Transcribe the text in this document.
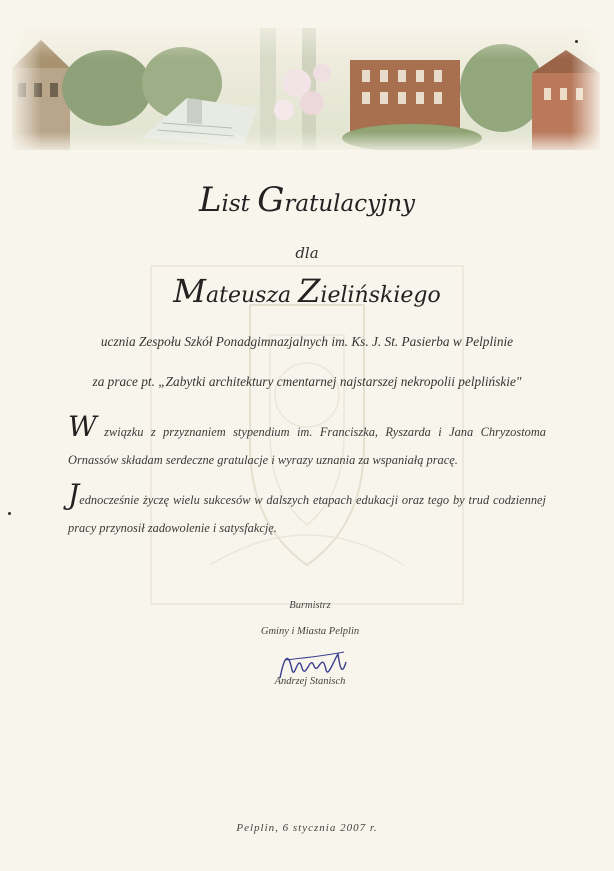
List Gratulacyjny
dla
Mateusza Zielińskiego
ucznia Zespołu Szkół Ponadgimnazjalnych im. Ks. J. St. Pasierba w Pelplinie
za prace pt. „Zabytki architektury cmentarnej najstarszej nekropolii pelplińskie"
W związku z przyznaniem stypendium im. Franciszka, Ryszarda i Jana Chryzostoma Ornassów składam serdeczne gratulacje i wyrazy uznania za wspaniałą pracę.
Jednocześnie życzę wielu sukcesów w dalszych etapach edukacji oraz tego by trud codziennej pracy przynosił zadowolenie i satysfakcję.
Burmistrz
Gminy i Miasta Pelplin
Andrzej Stanisch
Pelplin, 6 stycznia 2007 r.
